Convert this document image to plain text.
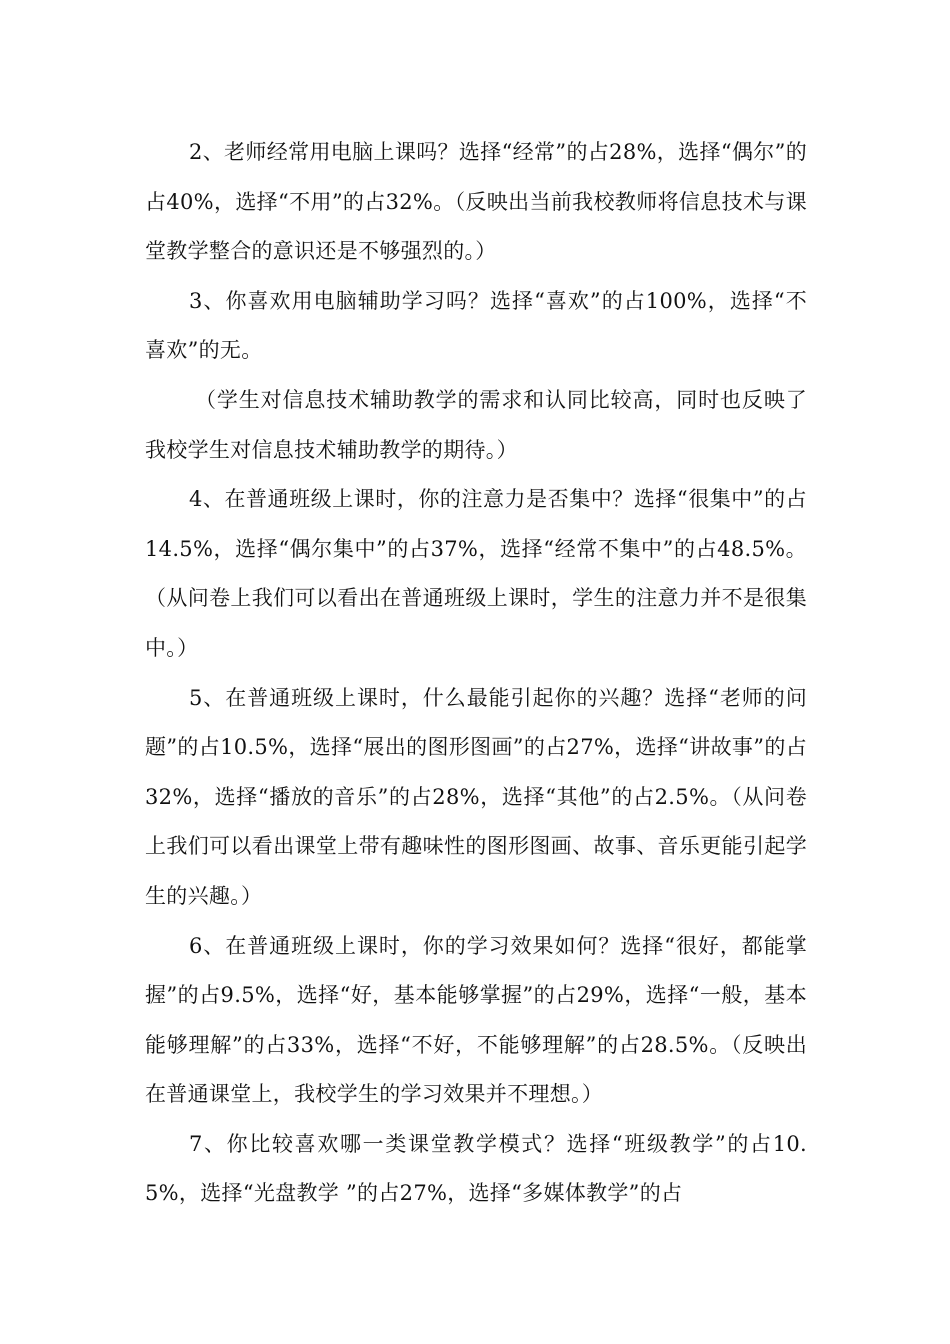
2、老师经常用电脑上课吗？选择“经常”的占28%，选择“偶尔”的占40%，选择“不用”的占32%。（反映出当前我校教师将信息技术与课堂教学整合的意识还是不够强烈的。）

3、你喜欢用电脑辅助学习吗？选择“喜欢”的占100%，选择“不喜欢”的无。

（学生对信息技术辅助教学的需求和认同比较高，同时也反映了我校学生对信息技术辅助教学的期待。）

4、在普通班级上课时，你的注意力是否集中？选择“很集中”的占14.5%，选择“偶尔集中”的占37%，选择“经常不集中”的占48.5%。（从问卷上我们可以看出在普通班级上课时，学生的注意力并不是很集中。）

5、在普通班级上课时，什么最能引起你的兴趣？选择“老师的问题”的占10.5%，选择“展出的图形图画”的占27%，选择“讲故事”的占32%，选择“播放的音乐”的占28%，选择“其他”的占2.5%。（从问卷上我们可以看出课堂上带有趣味性的图形图画、故事、音乐更能引起学生的兴趣。）

6、在普通班级上课时，你的学习效果如何？选择“很好，都能掌握”的占9.5%，选择“好，基本能够掌握”的占29%，选择“一般，基本能够理解”的占33%，选择“不好，不能够理解”的占28.5%。（反映出在普通课堂上，我校学生的学习效果并不理想。）

7、你比较喜欢哪一类课堂教学模式？选择“班级教学”的占10.5%，选择“光盘教学 ”的占27%，选择“多媒体教学”的占
